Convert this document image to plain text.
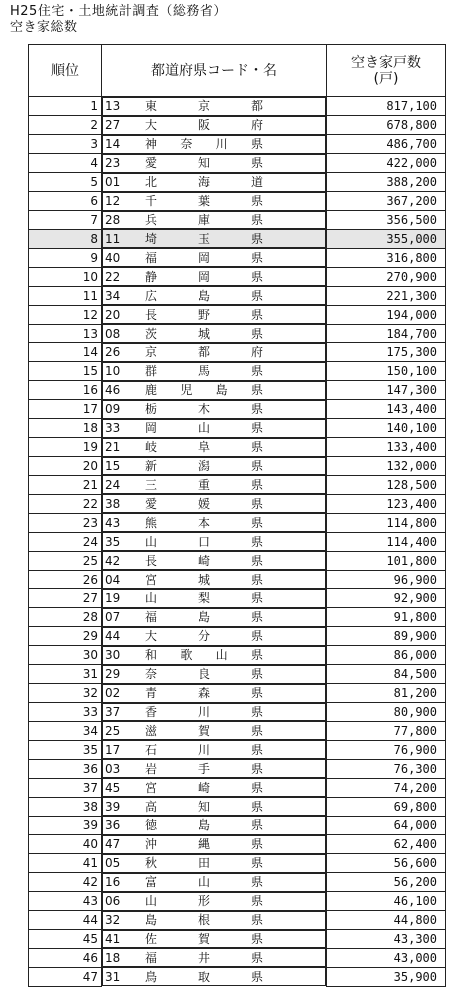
H25住宅・土地統計調査（総務省）
空き家総数
順位	都道府県コード・名	空き家戸数
(戸)

1	13	東	京	都	817,100
2	27	大	阪	府	678,800
3	14	神 奈 川 県	486,700
4	23	愛	知	県	422,000
5	01	北	海	道	388,200
6	12	千	葉	県	367,200
7	28	兵	庫	県	356,500
8	11	埼	玉	県	355,000
9	40	福	岡	県	316,800
10	22	静	岡	県	270,900
11	34	広	島	県	221,300
12	20	長	野	県	194,000
13	08	茨	城	県	184,700
14	26	京	都	府	175,300
15	10	群	馬	県	150,100
16	46	鹿 児 島 県	147,300
17	09	栃	木	県	143,400
18	33	岡	山	県	140,100
19	21	岐	阜	県	133,400
20	15	新	潟	県	132,000
21	24	三	重	県	128,500
22	38	愛	媛	県	123,400
23	43	熊	本	県	114,800
24	35	山	口	県	114,400
25	42	長	崎	県	101,800
26	04	宮	城	県	96,900
27	19	山	梨	県	92,900
28	07	福	島	県	91,800
29	44	大	分	県	89,900
30	30	和 歌 山 県	86,000
31	29	奈	良	県	84,500
32	02	青	森	県	81,200
33	37	香	川	県	80,900
34	25	滋	賀	県	77,800
35	17	石	川	県	76,900
36	03	岩	手	県	76,300
37	45	宮	崎	県	74,200
38	39	高	知	県	69,800
39	36	徳	島	県	64,000
40	47	沖	縄	県	62,400
41	05	秋	田	県	56,600
42	16	富	山	県	56,200
43	06	山	形	県	46,100
44	32	島	根	県	44,800
45	41	佐	賀	県	43,300
46	18	福	井	県	43,000
47	31	鳥	取	県	35,900
